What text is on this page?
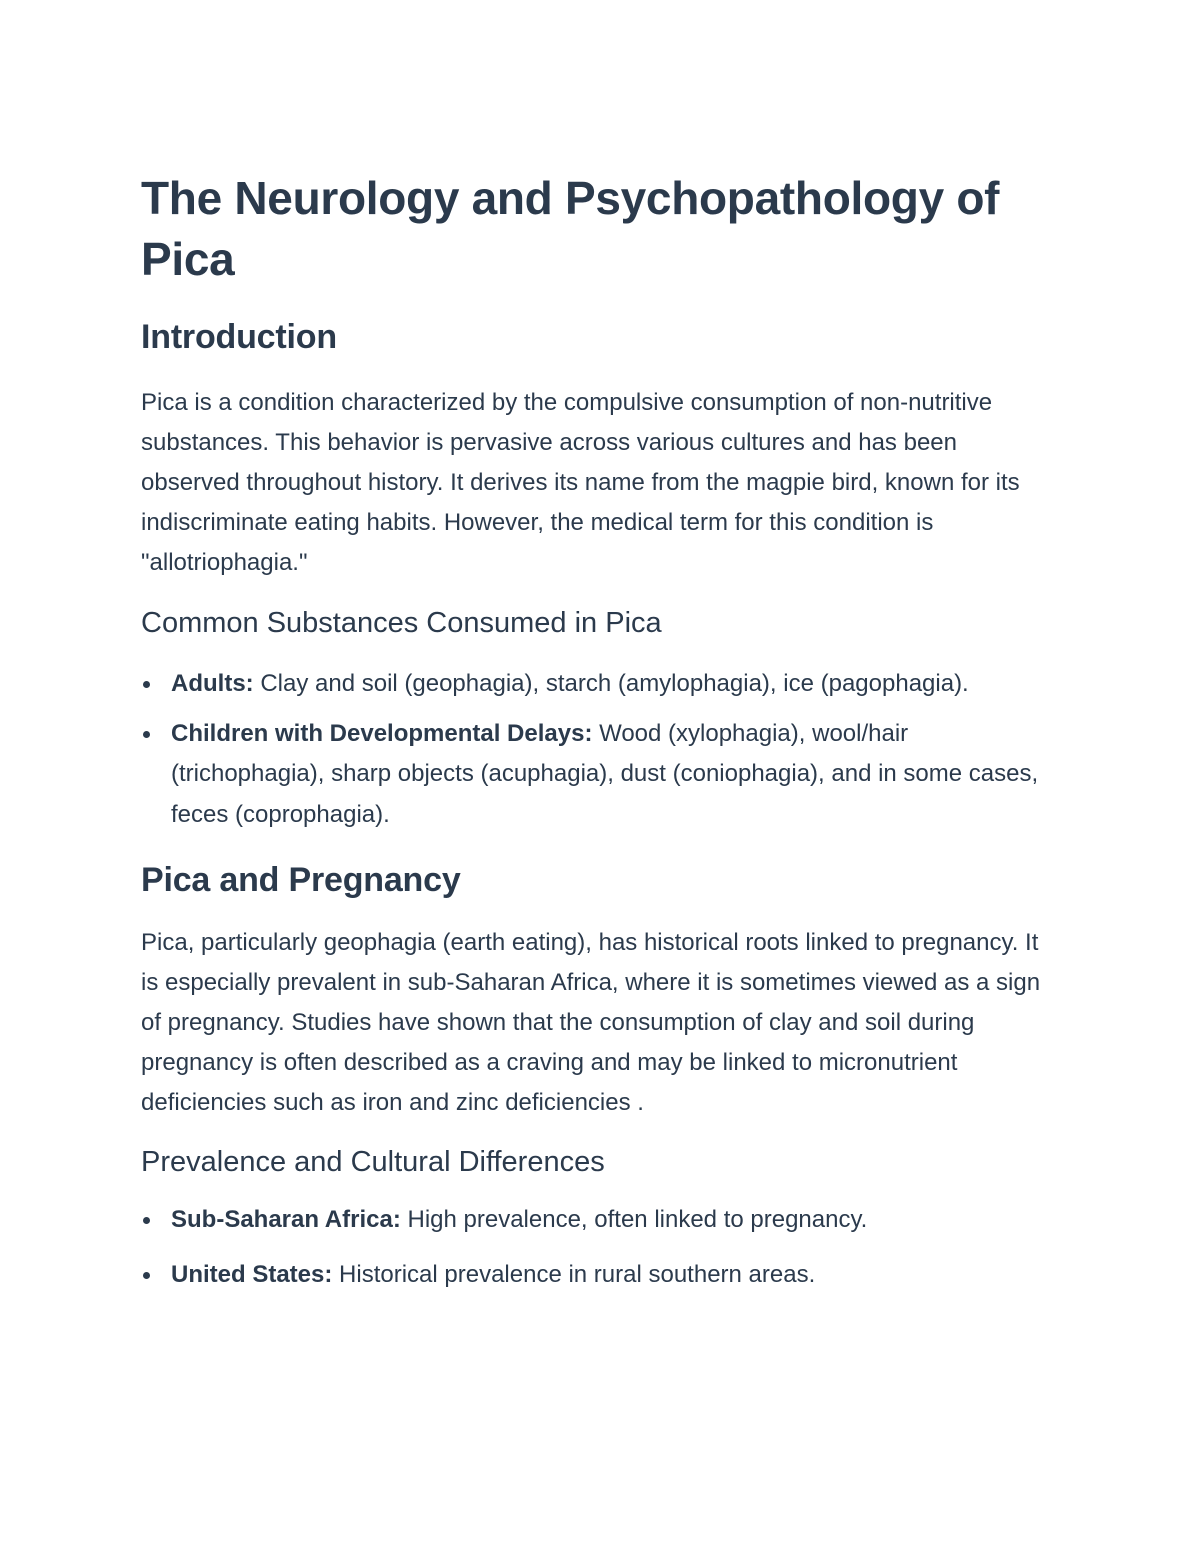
The Neurology and Psychopathology of Pica
Introduction

Pica is a condition characterized by the compulsive consumption of non-nutritive substances. This behavior is pervasive across various cultures and has been observed throughout history. It derives its name from the magpie bird, known for its indiscriminate eating habits. However, the medical term for this condition is "allotriophagia."

Common Substances Consumed in Pica
Adults: Clay and soil (geophagia), starch (amylophagia), ice (pagophagia).
Children with Developmental Delays: Wood (xylophagia), wool/hair (trichophagia), sharp objects (acuphagia), dust (coniophagia), and in some cases, feces (coprophagia).
Pica and Pregnancy

Pica, particularly geophagia (earth eating), has historical roots linked to pregnancy. It is especially prevalent in sub-Saharan Africa, where it is sometimes viewed as a sign of pregnancy. Studies have shown that the consumption of clay and soil during pregnancy is often described as a craving and may be linked to micronutrient deficiencies such as iron and zinc deficiencies .

Prevalence and Cultural Differences
Sub-Saharan Africa: High prevalence, often linked to pregnancy.
United States: Historical prevalence in rural southern areas.
